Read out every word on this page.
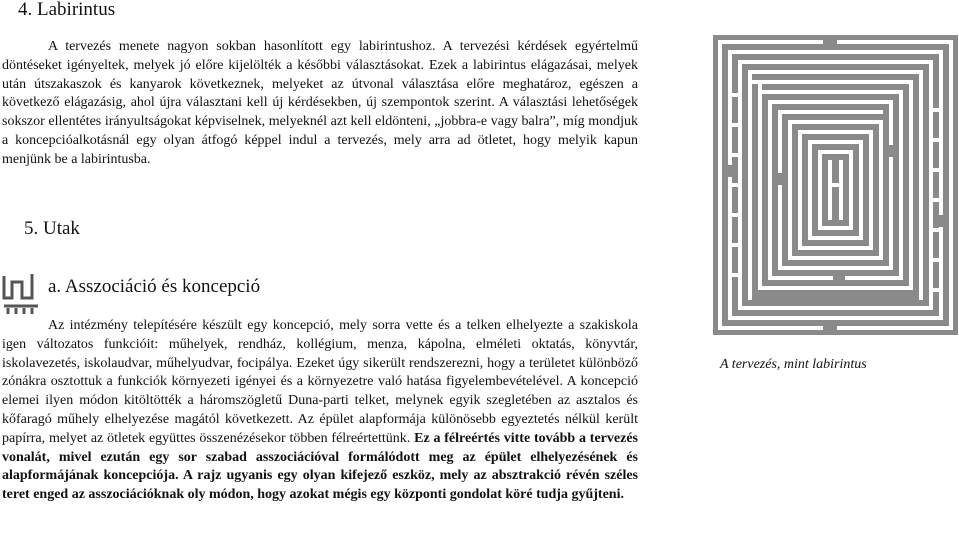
4. Labirintus

A tervezés menete nagyon sokban hasonlított egy labirintushoz. A tervezési kérdések egyértelmű döntéseket igényeltek, melyek jó előre kijelölték a későbbi választásokat. Ezek a labirintus elágazásai, melyek után útszakaszok és kanyarok következnek, melyeket az útvonal választása előre meghatároz, egészen a következő elágazásig, ahol újra választani kell új kérdésekben, új szempontok szerint. A választási lehetőségek sokszor ellentétes irányultságokat képviselnek, melyeknél azt kell eldönteni, „jobbra-e vagy balra”, míg mondjuk a koncepcióalkotásnál egy olyan átfogó képpel indul a tervezés, mely arra ad ötletet, hogy melyik kapun menjünk be a labirintusba.

5. Utak
a. Asszociáció és koncepció

Az intézmény telepítésére készült egy koncepció, mely sorra vette és a telken elhelyezte a szakiskola igen változatos funkcióit: műhelyek, rendház, kollégium, menza, kápolna, elméleti oktatás, könyvtár, iskolavezetés, iskolaudvar, műhelyudvar, focipálya. Ezeket úgy sikerült rendszerezni, hogy a területet különböző zónákra osztottuk a funkciók környezeti igényei és a környezetre való hatása figyelembevételével. A koncepció elemei ilyen módon kitöltötték a háromszögletű Duna-parti telket, melynek egyik szegletében az asztalos és kőfaragó műhely elhelyezése magától következett. Az épület alapformája különösebb egyeztetés nélkül került papírra, melyet az ötletek együttes összenézésekor többen félreértettünk. Ez a félreértés vitte tovább a tervezés vonalát, mivel ezután egy sor szabad asszociációval formálódott meg az épület elhelyezésének és alapformájának koncepciója. A rajz ugyanis egy olyan kifejező eszköz, mely az absztrakció révén széles teret enged az asszociációknak oly módon, hogy azokat mégis egy központi gondolat köré tudja gyűjteni.

A tervezés, mint labirintus
